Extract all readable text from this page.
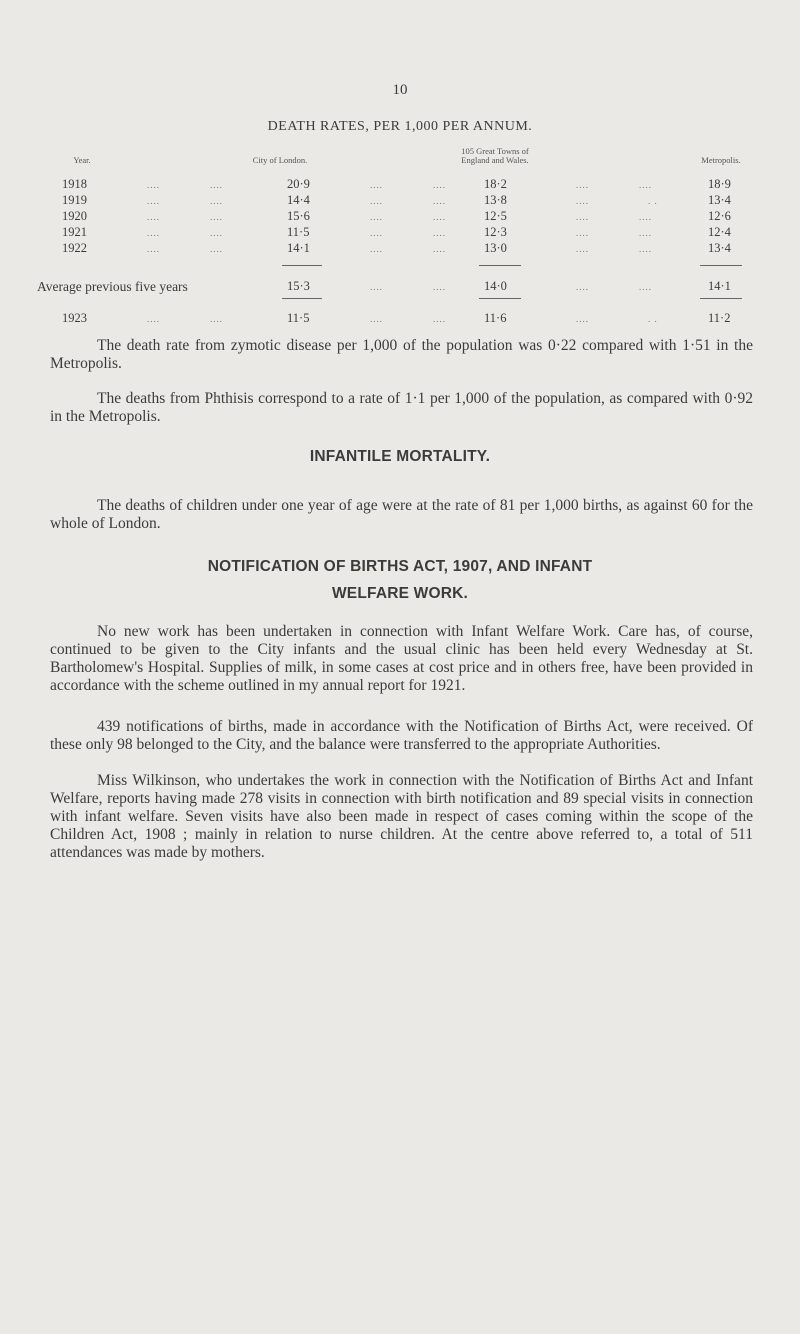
10
DEATH RATES, PER 1,000 PER ANNUM.
Year.	City of London.
105 Great Towns of England and Wales.	Metropolis.
1918	....	....	20·9	....	....	18·2	....	....	18·9
1919	....	....	14·4	....	....	13·8	....	. .	13·4
1920	....	....	15·6	....	....	12·5	....	....	12·6
1921	....	....	11·5	....	....	12·3	....	....	12·4
1922	....	....	14·1	....	....	13·0	....	....	13·4
Average previous five years	15·3	....	....	14·0	....	....	14·1
1923	....	....	11·5	....	....	11·6	....	. .	11·2
The death rate from zymotic disease per 1,000 of the population was 0·22 compared with 1·51 in the Metropolis.
The deaths from Phthisis correspond to a rate of 1·1 per 1,000 of the population, as compared with 0·92 in the Metropolis.
INFANTILE MORTALITY.
The deaths of children under one year of age were at the rate of 81 per 1,000 births, as against 60 for the whole of London.
NOTIFICATION OF BIRTHS ACT, 1907, AND INFANT
WELFARE WORK.
No new work has been undertaken in connection with Infant Welfare Work. Care has, of course, continued to be given to the City infants and the usual clinic has been held every Wednesday at St. Bartholomew's Hospital. Supplies of milk, in some cases at cost price and in others free, have been provided in accordance with the scheme outlined in my annual report for 1921.
439 notifications of births, made in accordance with the Notification of Births Act, were received. Of these only 98 belonged to the City, and the balance were transferred to the appropriate Authorities.
Miss Wilkinson, who undertakes the work in connection with the Notification of Births Act and Infant Welfare, reports having made 278 visits in connection with birth notification and 89 special visits in connection with infant welfare. Seven visits have also been made in respect of cases coming within the scope of the Children Act, 1908 ; mainly in relation to nurse children. At the centre above referred to, a total of 511 attendances was made by mothers.
